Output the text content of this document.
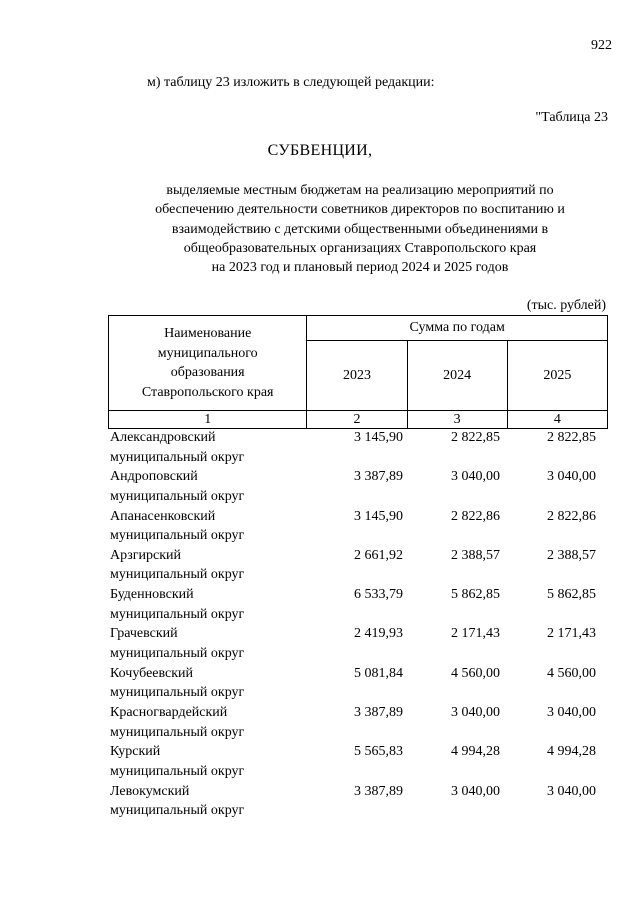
922
м) таблицу 23 изложить в следующей редакции:
"Таблица 23
СУБВЕНЦИИ,
выделяемые местным бюджетам на реализацию мероприятий по
обеспечению деятельности советников директоров по воспитанию и
взаимодействию с детскими общественными объединениями в
общеобразовательных организациях Ставропольского края
на 2023 год и плановый период 2024 и 2025 годов
(тыс. рублей)
Наименование
муниципального
образования
Ставропольского края	Сумма по годам		
	2023	2024	2025
1	2	3	4
Александровский
муниципальный округ
3 145,90	2 822,85	2 822,85
Андроповский
муниципальный округ
3 387,89	3 040,00	3 040,00
Апанасенковский
муниципальный округ
3 145,90	2 822,86	2 822,86
Арзгирский
муниципальный округ
2 661,92	2 388,57	2 388,57
Буденновский
муниципальный округ
6 533,79	5 862,85	5 862,85
Грачевский
муниципальный округ
2 419,93	2 171,43	2 171,43
Кочубеевский
муниципальный округ
5 081,84	4 560,00	4 560,00
Красногвардейский
муниципальный округ
3 387,89	3 040,00	3 040,00
Курский
муниципальный округ
5 565,83	4 994,28	4 994,28
Левокумский
муниципальный округ
3 387,89	3 040,00	3 040,00
